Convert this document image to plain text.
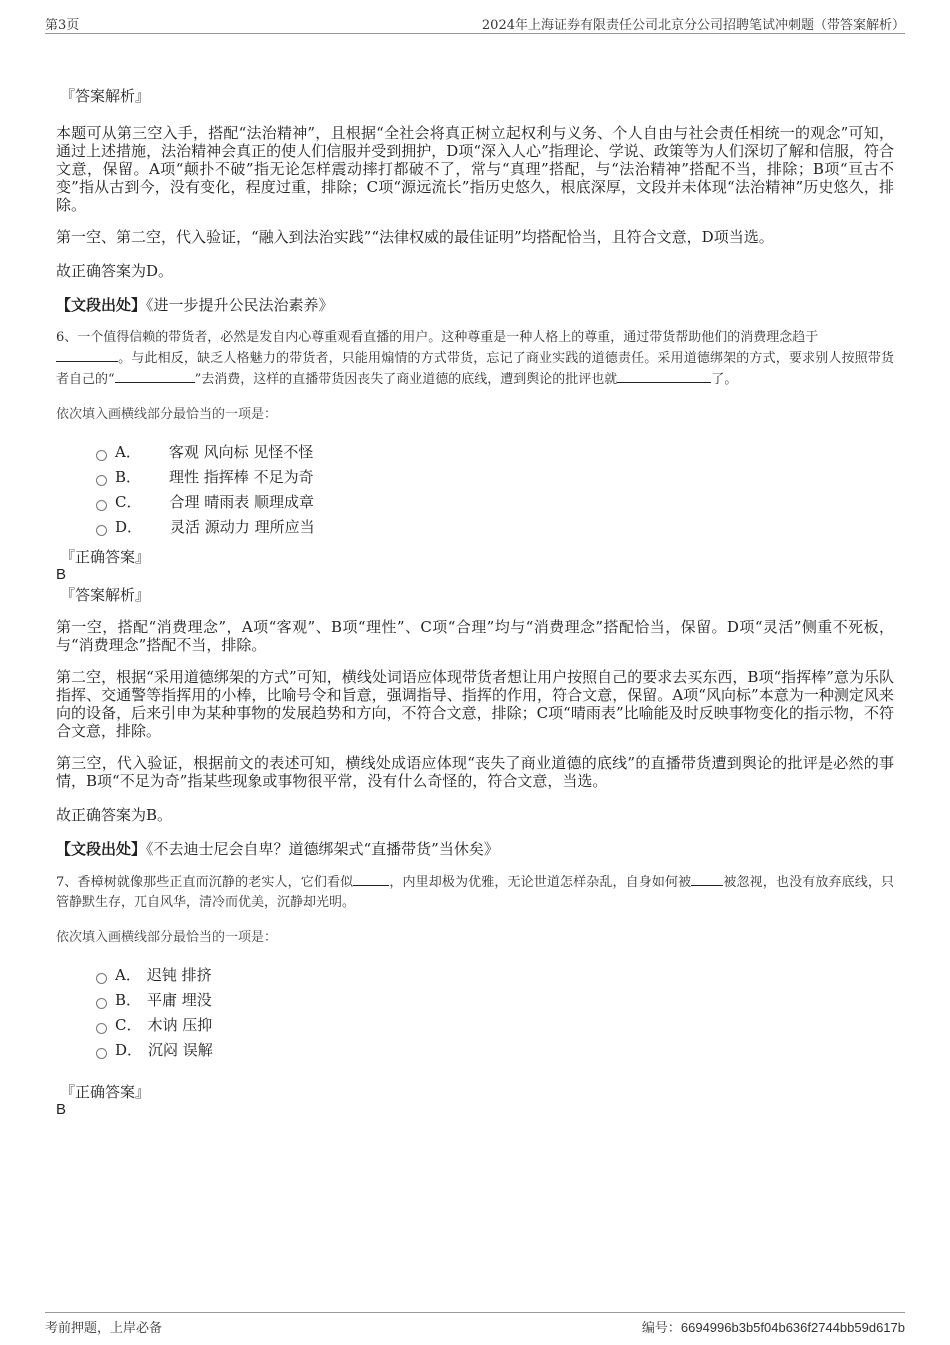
第3页	2024年上海证券有限责任公司北京分公司招聘笔试冲刺题（带答案解析）
『答案解析』

本题可从第三空入手，搭配“法治精神”，且根据“全社会将真正树立起权利与义务、个人自由与社会责任相统一的观念”可知，通过上述措施，法治精神会真正的使人们信服并受到拥护，D项“深入人心”指理论、学说、政策等为人们深切了解和信服，符合文意，保留。A项“颠扑不破”指无论怎样震动摔打都破不了，常与“真理”搭配，与“法治精神”搭配不当，排除；B项“亘古不变”指从古到今，没有变化，程度过重，排除；C项“源远流长”指历史悠久，根底深厚，文段并未体现“法治精神”历史悠久，排除。

第一空、第二空，代入验证，“融入到法治实践”“法律权威的最佳证明”均搭配恰当，且符合文意，D项当选。

故正确答案为D。

【文段出处】《进一步提升公民法治素养》

6、一个值得信赖的带货者，必然是发自内心尊重观看直播的用户。这种尊重是一种人格上的尊重，通过带货帮助他们的消费理念趋于
。与此相反，缺乏人格魅力的带货者，只能用煽情的方式带货，忘记了商业实践的道德责任。采用道德绑架的方式，要求别人按照带货者自己的“	”去消费，这样的直播带货因丧失了商业道德的底线，遭到舆论的批评也就	了。

依次填入画横线部分最恰当的一项是：

A． 客观 风向标 见怪不怪
B． 理性 指挥棒 不足为奇
C． 合理 晴雨表 顺理成章
D． 灵活 源动力 理所应当
『正确答案』
B
『答案解析』

第一空，搭配“消费理念”，A项“客观”、B项“理性”、C项“合理”均与“消费理念”搭配恰当，保留。D项“灵活”侧重不死板，与“消费理念”搭配不当，排除。

第二空，根据“采用道德绑架的方式”可知，横线处词语应体现带货者想让用户按照自己的要求去买东西，B项“指挥棒”意为乐队指挥、交通警等指挥用的小棒，比喻号令和旨意，强调指导、指挥的作用，符合文意，保留。A项“风向标”本意为一种测定风来向的设备，后来引申为某种事物的发展趋势和方向，不符合文意，排除；C项“晴雨表”比喻能及时反映事物变化的指示物，不符合文意，排除。

第三空，代入验证，根据前文的表述可知，横线处成语应体现“丧失了商业道德的底线”的直播带货遭到舆论的批评是必然的事情，B项“不足为奇”指某些现象或事物很平常，没有什么奇怪的，符合文意，当选。

故正确答案为B。

【文段出处】《不去迪士尼会自卑？道德绑架式“直播带货”当休矣》

7、香樟树就像那些正直而沉静的老实人，它们看似	，内里却极为优雅，无论世道怎样杂乱，自身如何被 被忽视，也没有放弃底线，只管静默生存，兀自风华，清冷而优美，沉静却光明。

依次填入画横线部分最恰当的一项是：

A． 迟钝 排挤
B． 平庸 埋没
C． 木讷 压抑
D． 沉闷 误解
『正确答案』
B
考前押题，上岸必备	编号：6694996b3b5f04b636f2744bb59d617b
